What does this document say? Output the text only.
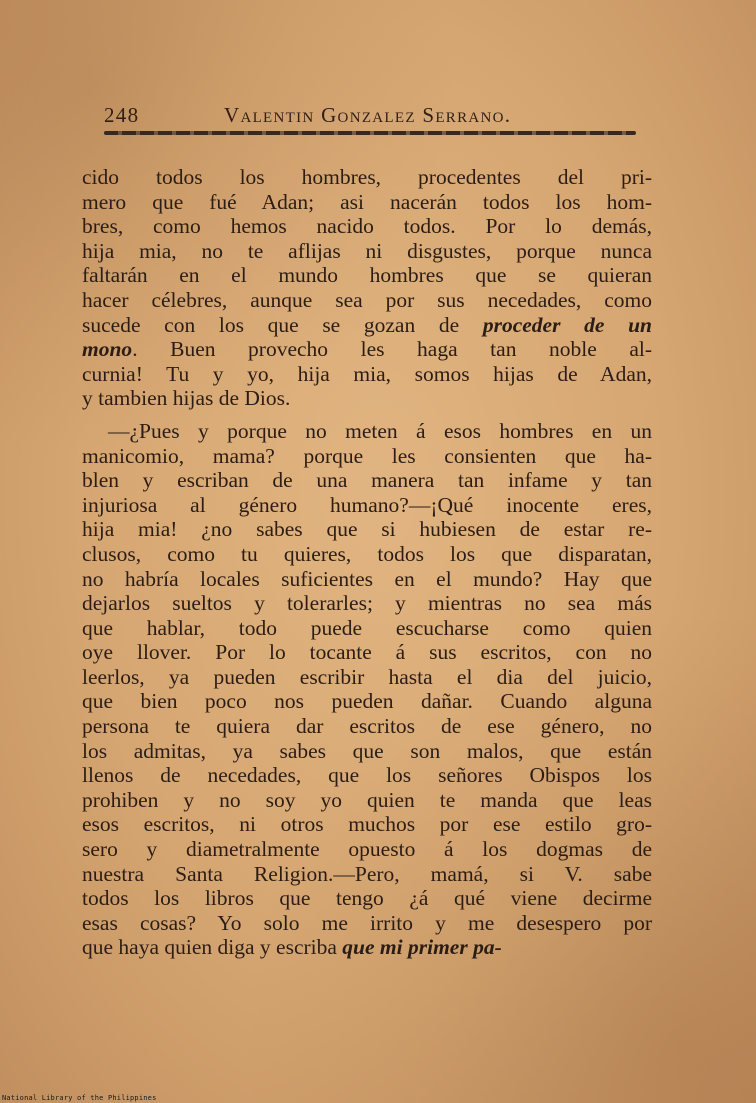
248	Valentin Gonzalez Serrano.
cido todos los hombres, procedentes del pri-
mero que fué Adan; asi nacerán todos los hom-
bres, como hemos nacido todos. Por lo demás,
hija mia, no te aflijas ni disgustes, porque nunca
faltarán en el mundo hombres que se quieran
hacer célebres, aunque sea por sus necedades, como
sucede con los que se gozan de proceder de un
mono. Buen provecho les haga tan noble al-
curnia! Tu y yo, hija mia, somos hijas de Adan,
y tambien hijas de Dios.
—¿Pues y porque no meten á esos hombres en un
manicomio, mama? porque les consienten que ha-
blen y escriban de una manera tan infame y tan
injuriosa al género humano?—¡Qué inocente eres,
hija mia! ¿no sabes que si hubiesen de estar re-
clusos, como tu quieres, todos los que disparatan,
no habría locales suficientes en el mundo? Hay que
dejarlos sueltos y tolerarles; y mientras no sea más
que hablar, todo puede escucharse como quien
oye llover. Por lo tocante á sus escritos, con no
leerlos, ya pueden escribir hasta el dia del juicio,
que bien poco nos pueden dañar. Cuando alguna
persona te quiera dar escritos de ese género, no
los admitas, ya sabes que son malos, que están
llenos de necedades, que los señores Obispos los
prohiben y no soy yo quien te manda que leas
esos escritos, ni otros muchos por ese estilo gro-
sero y diametralmente opuesto á los dogmas de
nuestra Santa Religion.—Pero, mamá, si V. sabe
todos los libros que tengo ¿á qué viene decirme
esas cosas? Yo solo me irrito y me desespero por
que haya quien diga y escriba que mi primer pa-
National Library of the Philippines
